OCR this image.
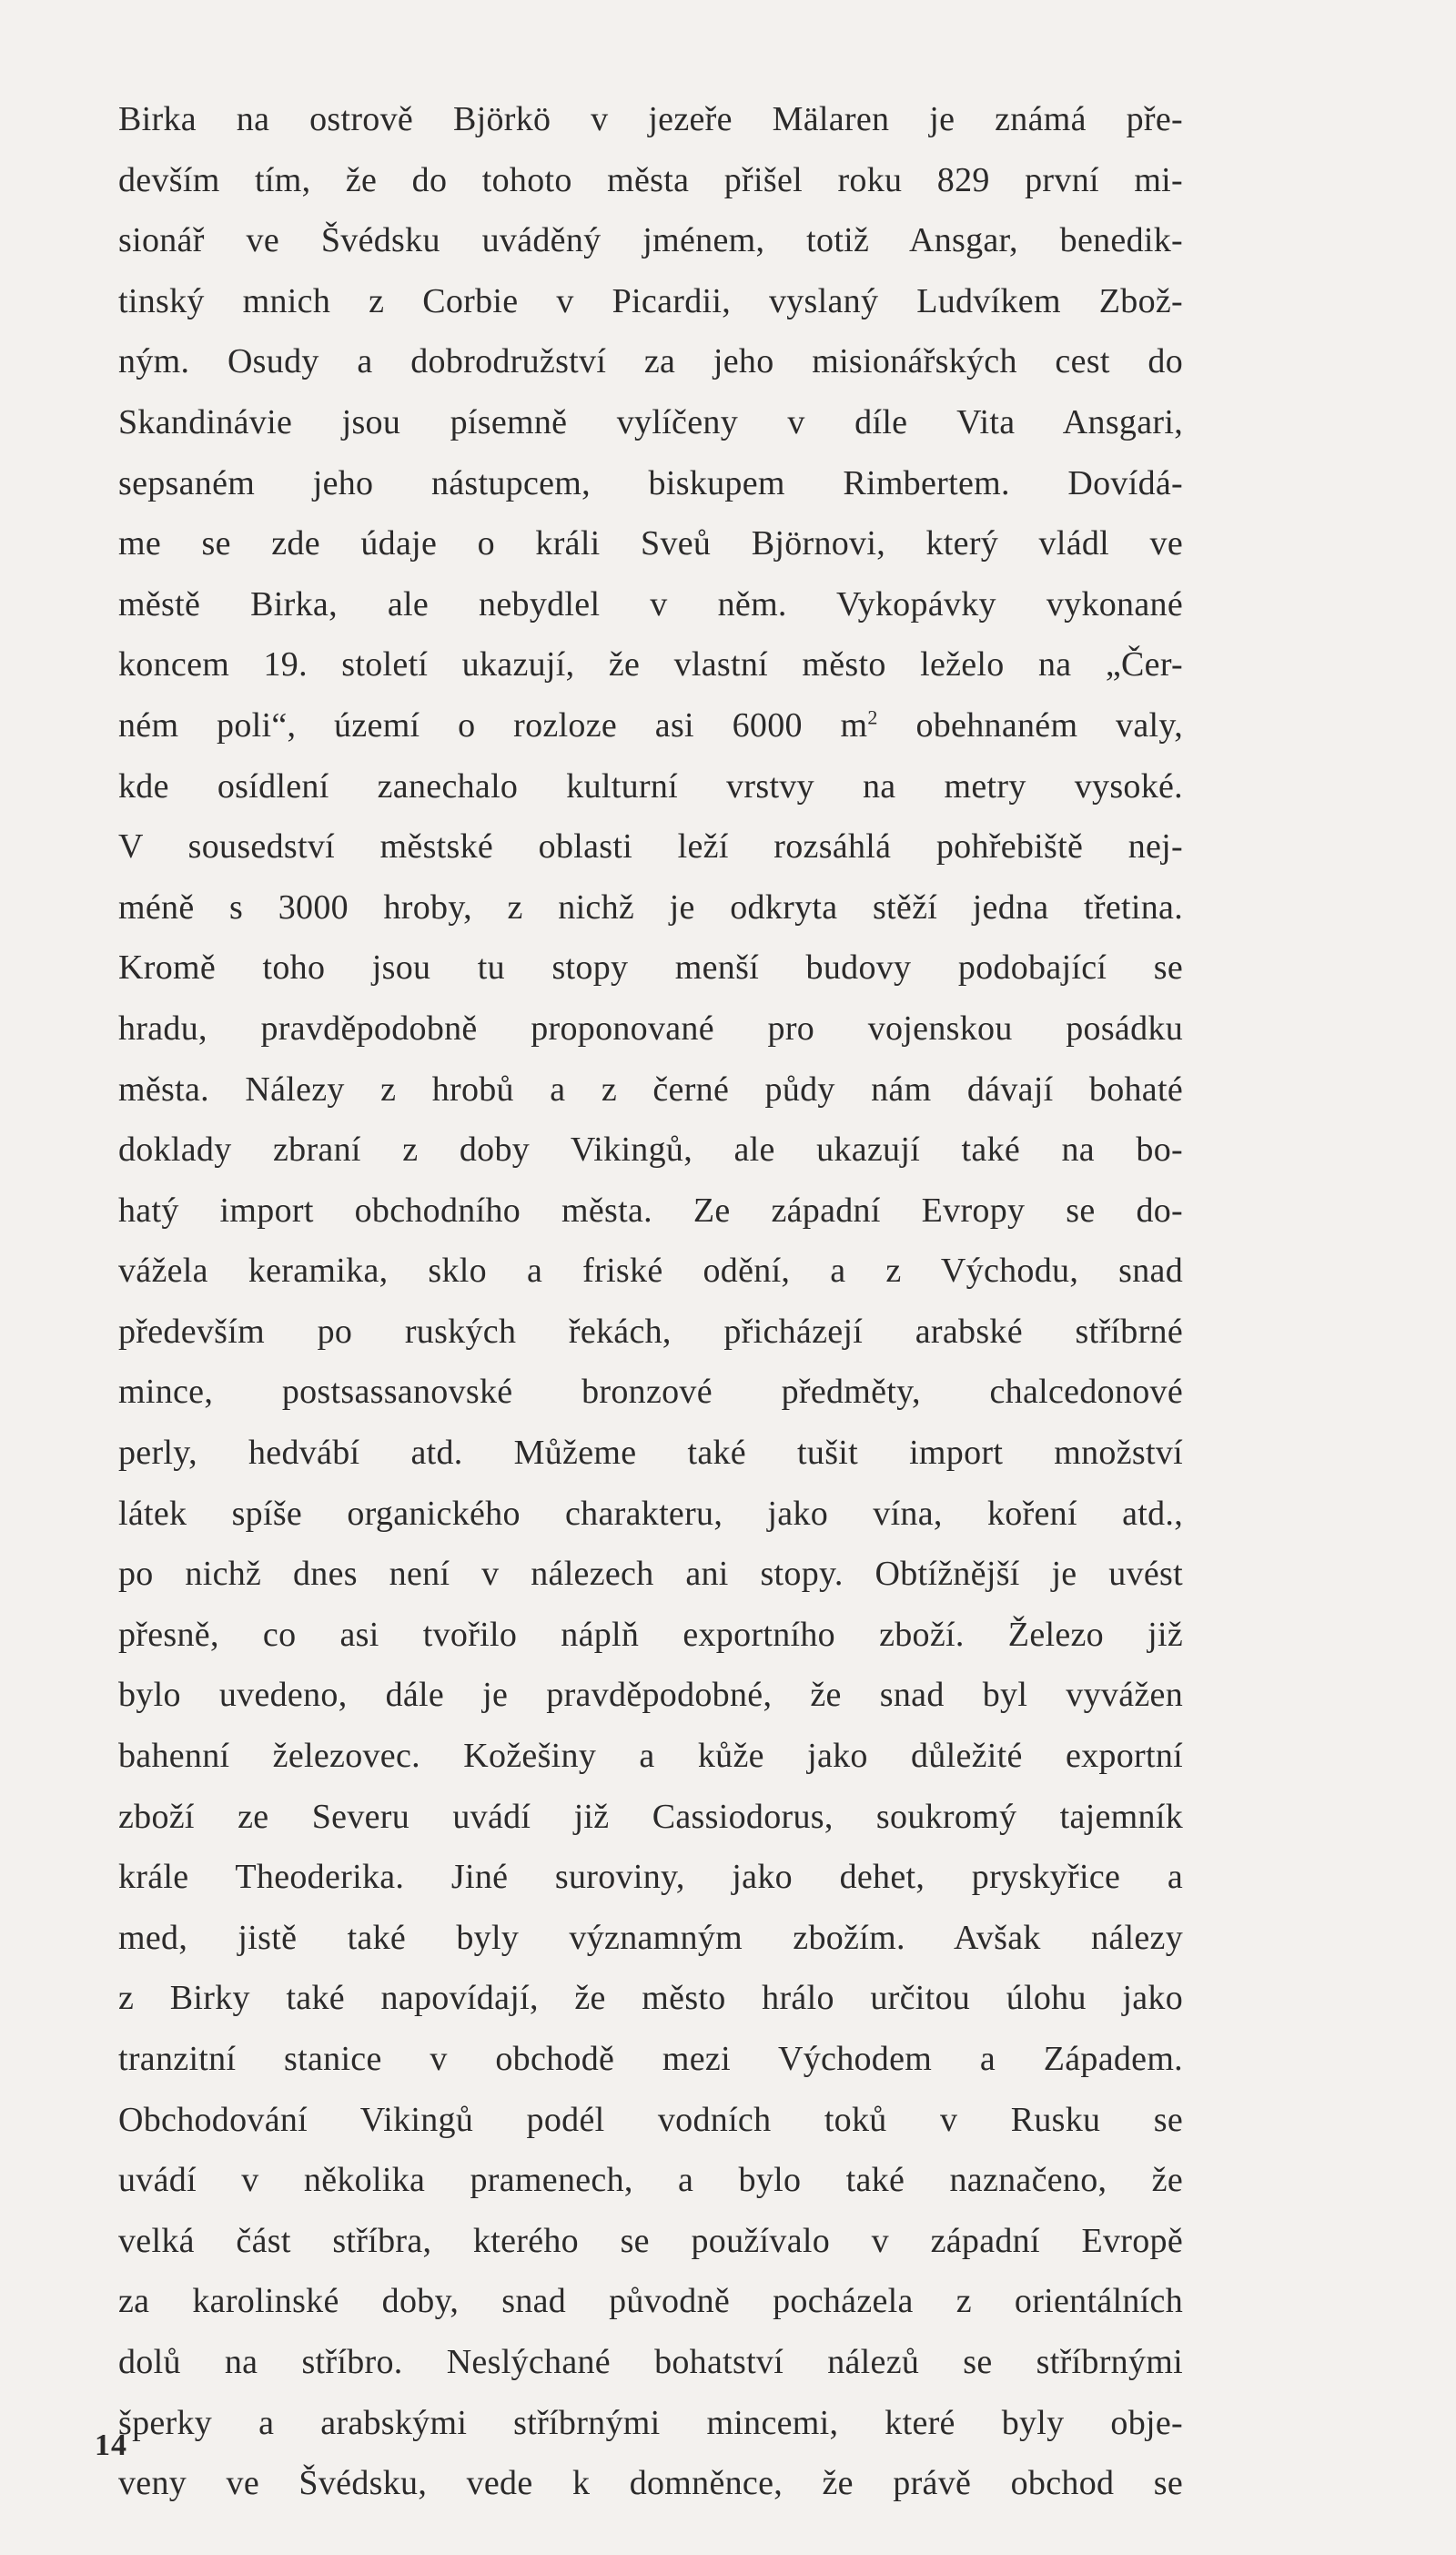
Birka na ostrově Björkö v jezeře Mälaren je známá pře-
devším tím, že do tohoto města přišel roku 829 první mi-
sionář ve Švédsku uváděný jménem, totiž Ansgar, benedik-
tinský mnich z Corbie v Picardii, vyslaný Ludvíkem Zbož-
ným. Osudy a dobrodružství za jeho misionářských cest do
Skandinávie jsou písemně vylíčeny v díle Vita Ansgari,
sepsaném jeho nástupcem, biskupem Rimbertem. Dovídá-
me se zde údaje o králi Sveů Björnovi, který vládl ve
městě Birka, ale nebydlel v něm. Vykopávky vykonané
koncem 19. století ukazují, že vlastní město leželo na „Čer-
ném poli“, území o rozloze asi 6000 $m^2$ obehnaném valy,
kde osídlení zanechalo kulturní vrstvy na metry vysoké.
V sousedství městské oblasti leží rozsáhlá pohřebiště nej-
méně s 3000 hroby, z nichž je odkryta stěží jedna třetina.
Kromě toho jsou tu stopy menší budovy podobající se
hradu, pravděpodobně proponované pro vojenskou posádku
města. Nálezy z hrobů a z černé půdy nám dávají bohaté
doklady zbraní z doby Vikingů, ale ukazují také na bo-
hatý import obchodního města. Ze západní Evropy se do-
vážela keramika, sklo a friské odění, a z Východu, snad
především po ruských řekách, přicházejí arabské stříbrné
mince, postsassanovské bronzové předměty, chalcedonové
perly, hedvábí atd. Můžeme také tušit import množství
látek spíše organického charakteru, jako vína, koření atd.,
po nichž dnes není v nálezech ani stopy. Obtížnější je uvést
přesně, co asi tvořilo náplň exportního zboží. Železo již
bylo uvedeno, dále je pravděpodobné, že snad byl vyvážen
bahenní železovec. Kožešiny a kůže jako důležité exportní
zboží ze Severu uvádí již Cassiodorus, soukromý tajemník
krále Theoderika. Jiné suroviny, jako dehet, pryskyřice a
med, jistě také byly významným zbožím. Avšak nálezy
z Birky také napovídají, že město hrálo určitou úlohu jako
tranzitní stanice v obchodě mezi Východem a Západem.
Obchodování Vikingů podél vodních toků v Rusku se
uvádí v několika pramenech, a bylo také naznačeno, že
velká část stříbra, kterého se používalo v západní Evropě
za karolinské doby, snad původně pocházela z orientálních
dolů na stříbro. Neslýchané bohatství nálezů se stříbrnými
šperky a arabskými stříbrnými mincemi, které byly obje-
veny ve Švédsku, vede k domněnce, že právě obchod se
14
